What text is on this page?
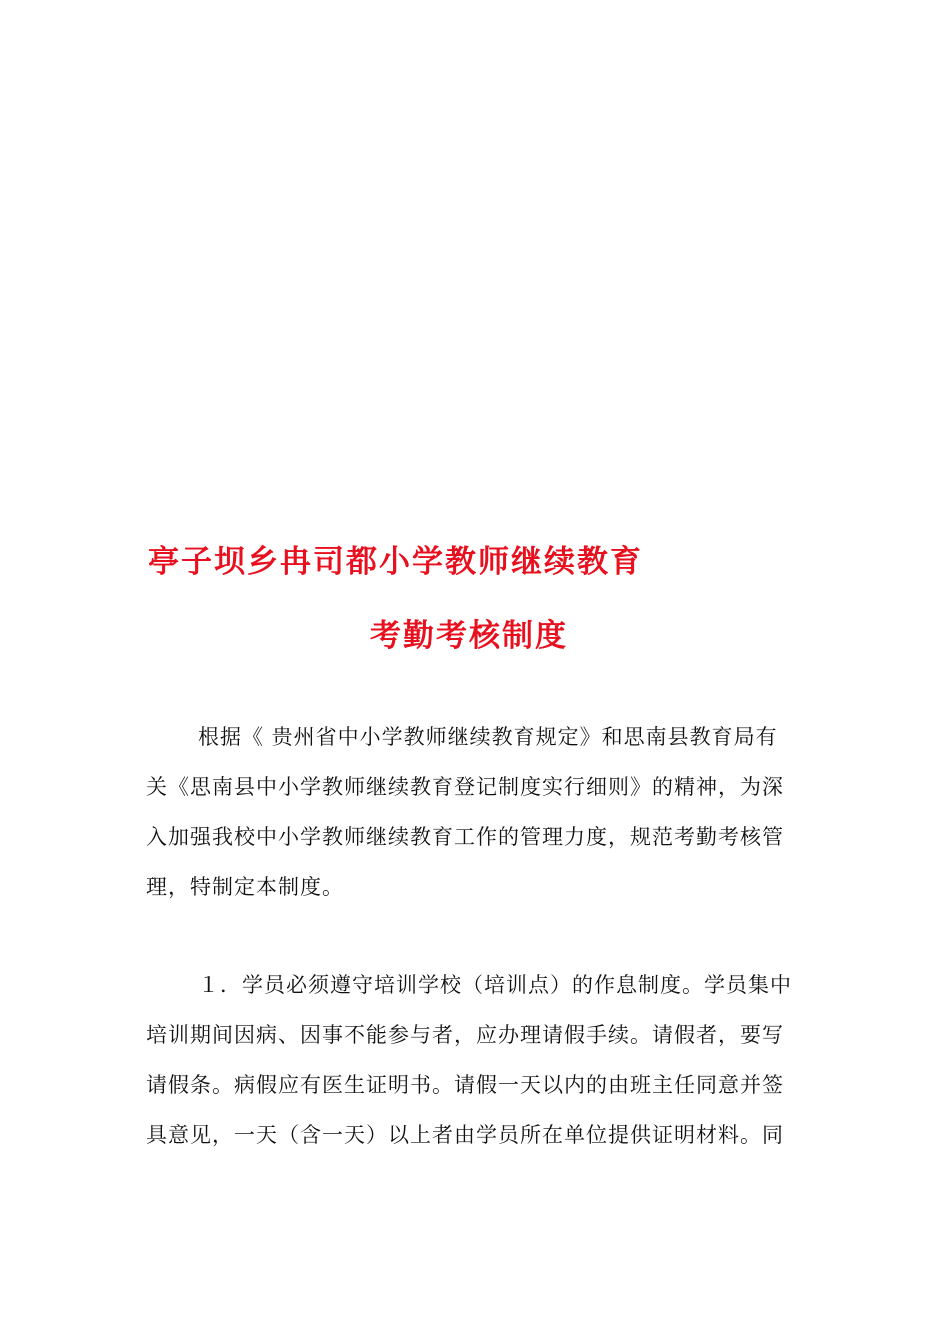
亭子坝乡冉司都小学教师继续教育
考勤考核制度
根据《 贵州省中小学教师继续教育规定》和思南县教育局有
关《思南县中小学教师继续教育登记制度实行细则》的精神，为深
入加强我校中小学教师继续教育工作的管理力度，规范考勤考核管
理，特制定本制度。
１．学员必须遵守培训学校（培训点）的作息制度。学员集中
培训期间因病、因事不能参与者，应办理请假手续。请假者，要写
请假条。病假应有医生证明书。请假一天以内的由班主任同意并签
具意见，一天（含一天）以上者由学员所在单位提供证明材料。同
